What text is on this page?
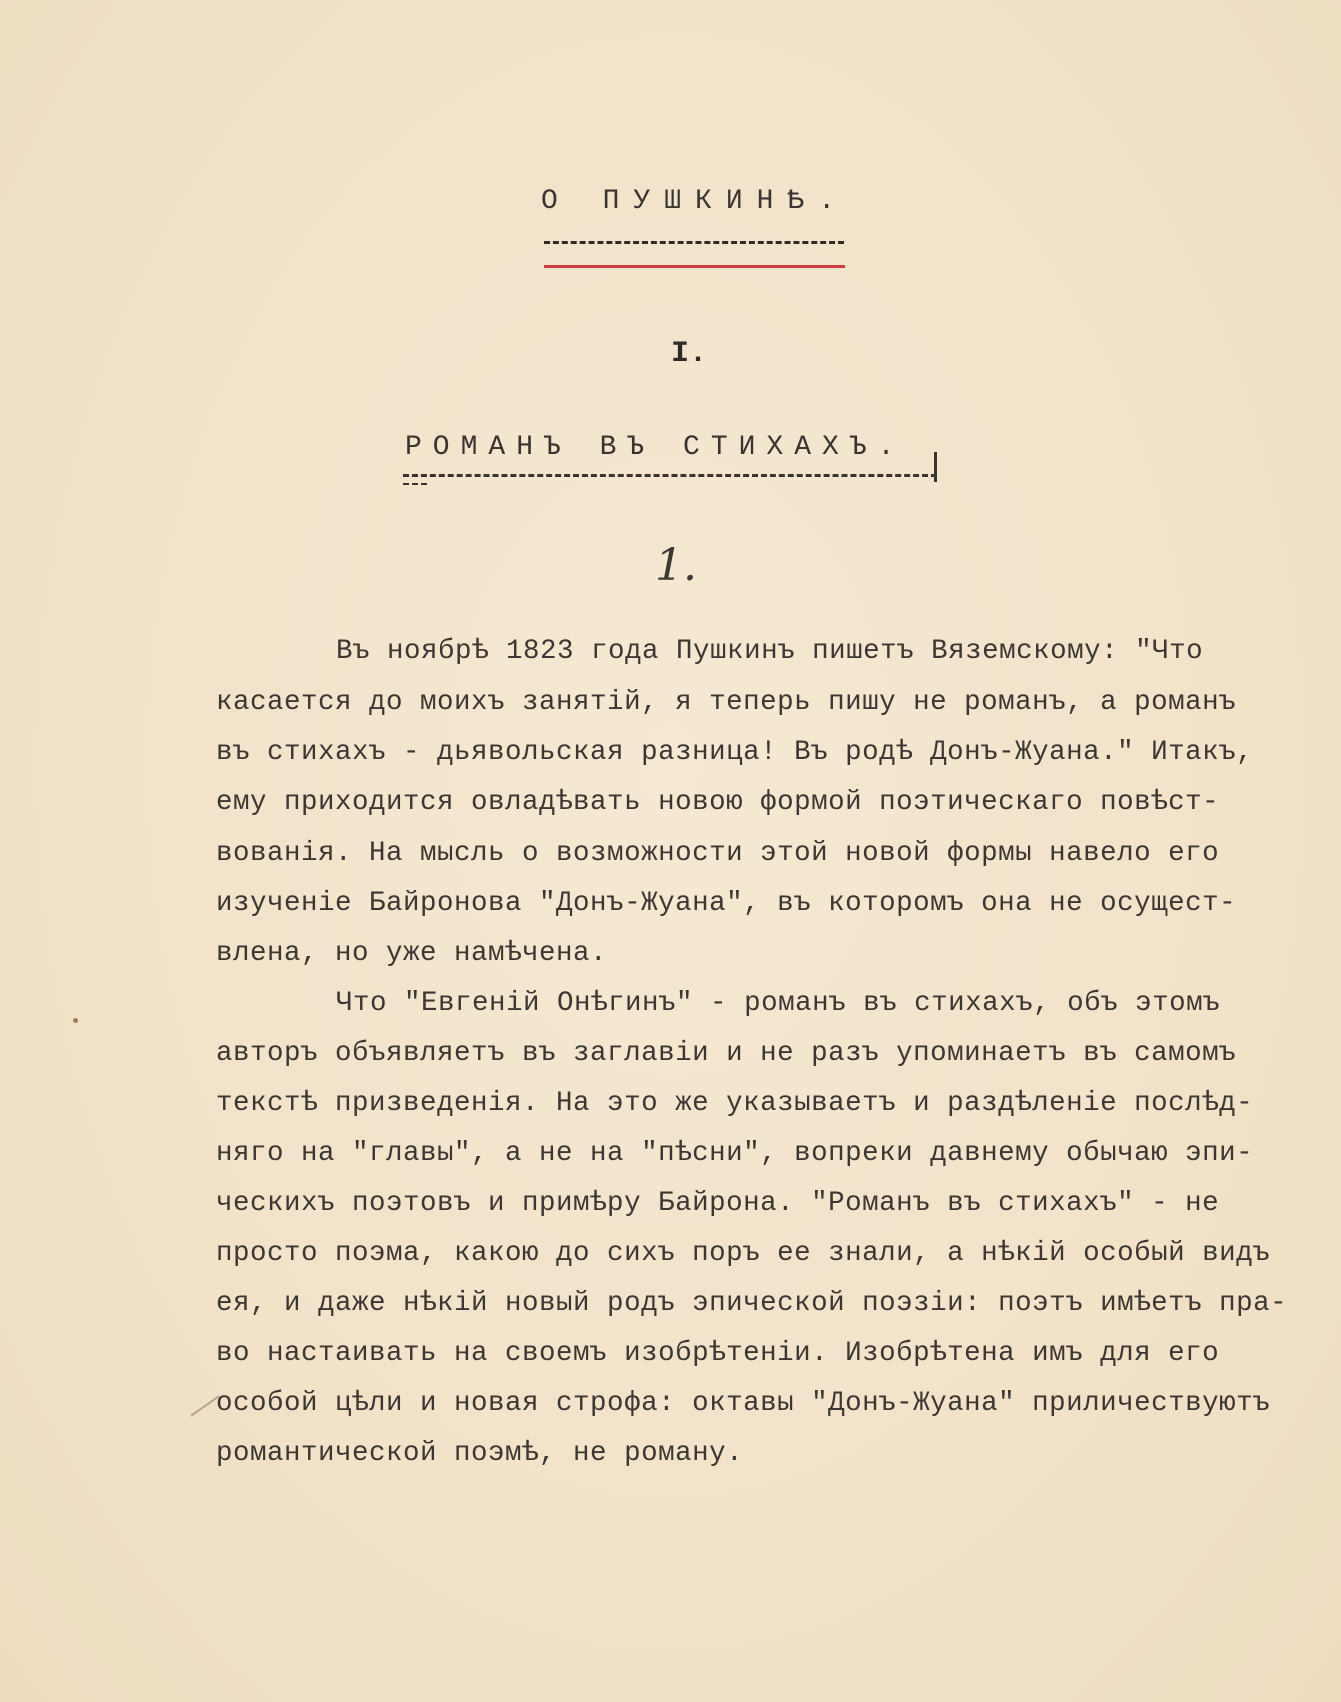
О ПУШКИНѢ.
I.
РОМАНЪ ВЪ СТИХАХЪ.
1.
Въ ноябрѣ 1823 года Пушкинъ пишетъ Вяземскому: "Что
касается до моихъ занятій, я теперь пишу не романъ, а романъ
въ стихахъ - дьявольская разница! Въ родѣ Донъ-Жуана." Итакъ,
ему приходится овладѣвать новою формой поэтическаго повѣст-
вованія. На мысль о возможности этой новой формы навело его
изученіе Байронова "Донъ-Жуана", въ которомъ она не осущест-
влена, но уже намѣчена.
Что "Евгеній Онѣгинъ" - романъ въ стихахъ, объ этомъ
авторъ объявляетъ въ заглавіи и не разъ упоминаетъ въ самомъ
текстѣ призведенія. На это же указываетъ и раздѣленіе послѣд-
няго на "главы", а не на "пѣсни", вопреки давнему обычаю эпи-
ческихъ поэтовъ и примѣру Байрона. "Романъ въ стихахъ" - не
просто поэма, какою до сихъ поръ ее знали, а нѣкій особый видъ
ея, и даже нѣкій новый родъ эпической поэзіи: поэтъ имѣетъ пра-
во настаивать на своемъ изобрѣтеніи. Изобрѣтена имъ для его
особой цѣли и новая строфа: октавы "Донъ-Жуана" приличествуютъ
романтической поэмѣ, не роману.
